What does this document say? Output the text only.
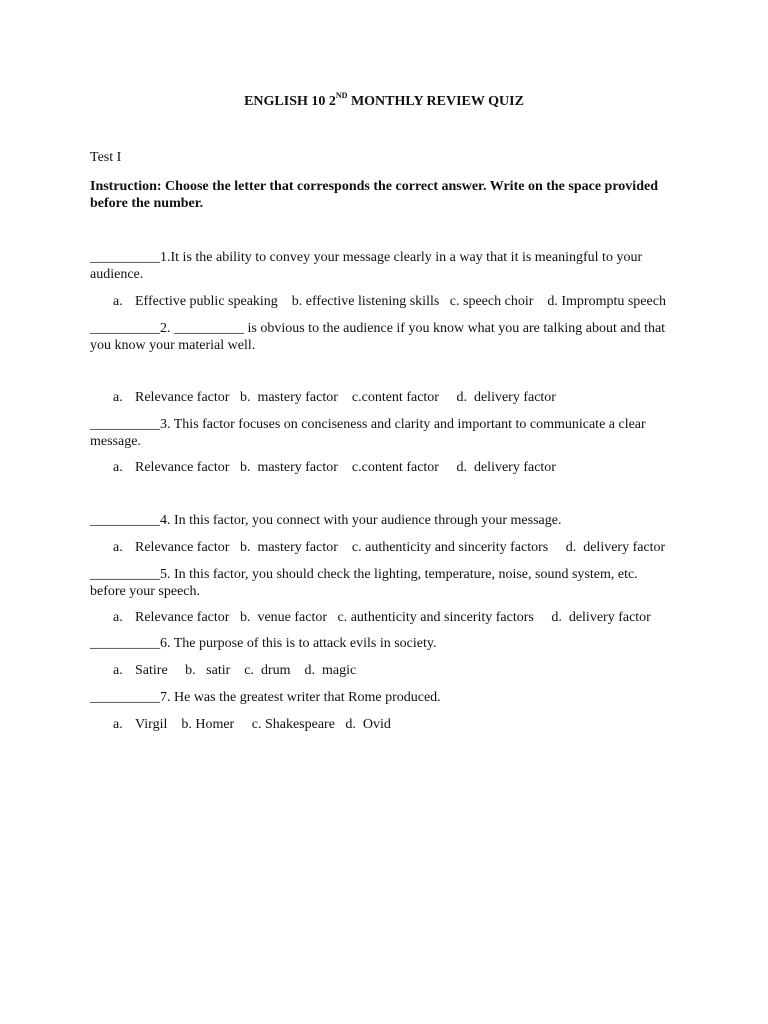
ENGLISH 10 2ND MONTHLY REVIEW QUIZ
Test I
Instruction: Choose the letter that corresponds the correct answer. Write on the space provided before the number.
__________1.It is the ability to convey your message clearly in a way that it is meaningful to your audience.
a. Effective public speaking    b. effective listening skills   c. speech choir    d. Impromptu speech
__________2. __________ is obvious to the audience if you know what you are talking about and that you know your material well.
a. Relevance factor   b.  mastery factor    c.content factor     d.  delivery factor
__________3. This factor focuses on conciseness and clarity and important to communicate a clear message.
a. Relevance factor   b.  mastery factor    c.content factor     d.  delivery factor
__________4. In this factor, you connect with your audience through your message.
a. Relevance factor   b.  mastery factor    c. authenticity and sincerity factors     d.  delivery factor
__________5. In this factor, you should check the lighting, temperature, noise, sound system, etc. before your speech.
a. Relevance factor   b.  venue factor   c. authenticity and sincerity factors     d.  delivery factor
__________6. The purpose of this is to attack evils in society.
a. Satire     b.   satir    c.  drum    d.  magic
__________7. He was the greatest writer that Rome produced.
a. Virgil    b. Homer     c. Shakespeare   d.  Ovid
